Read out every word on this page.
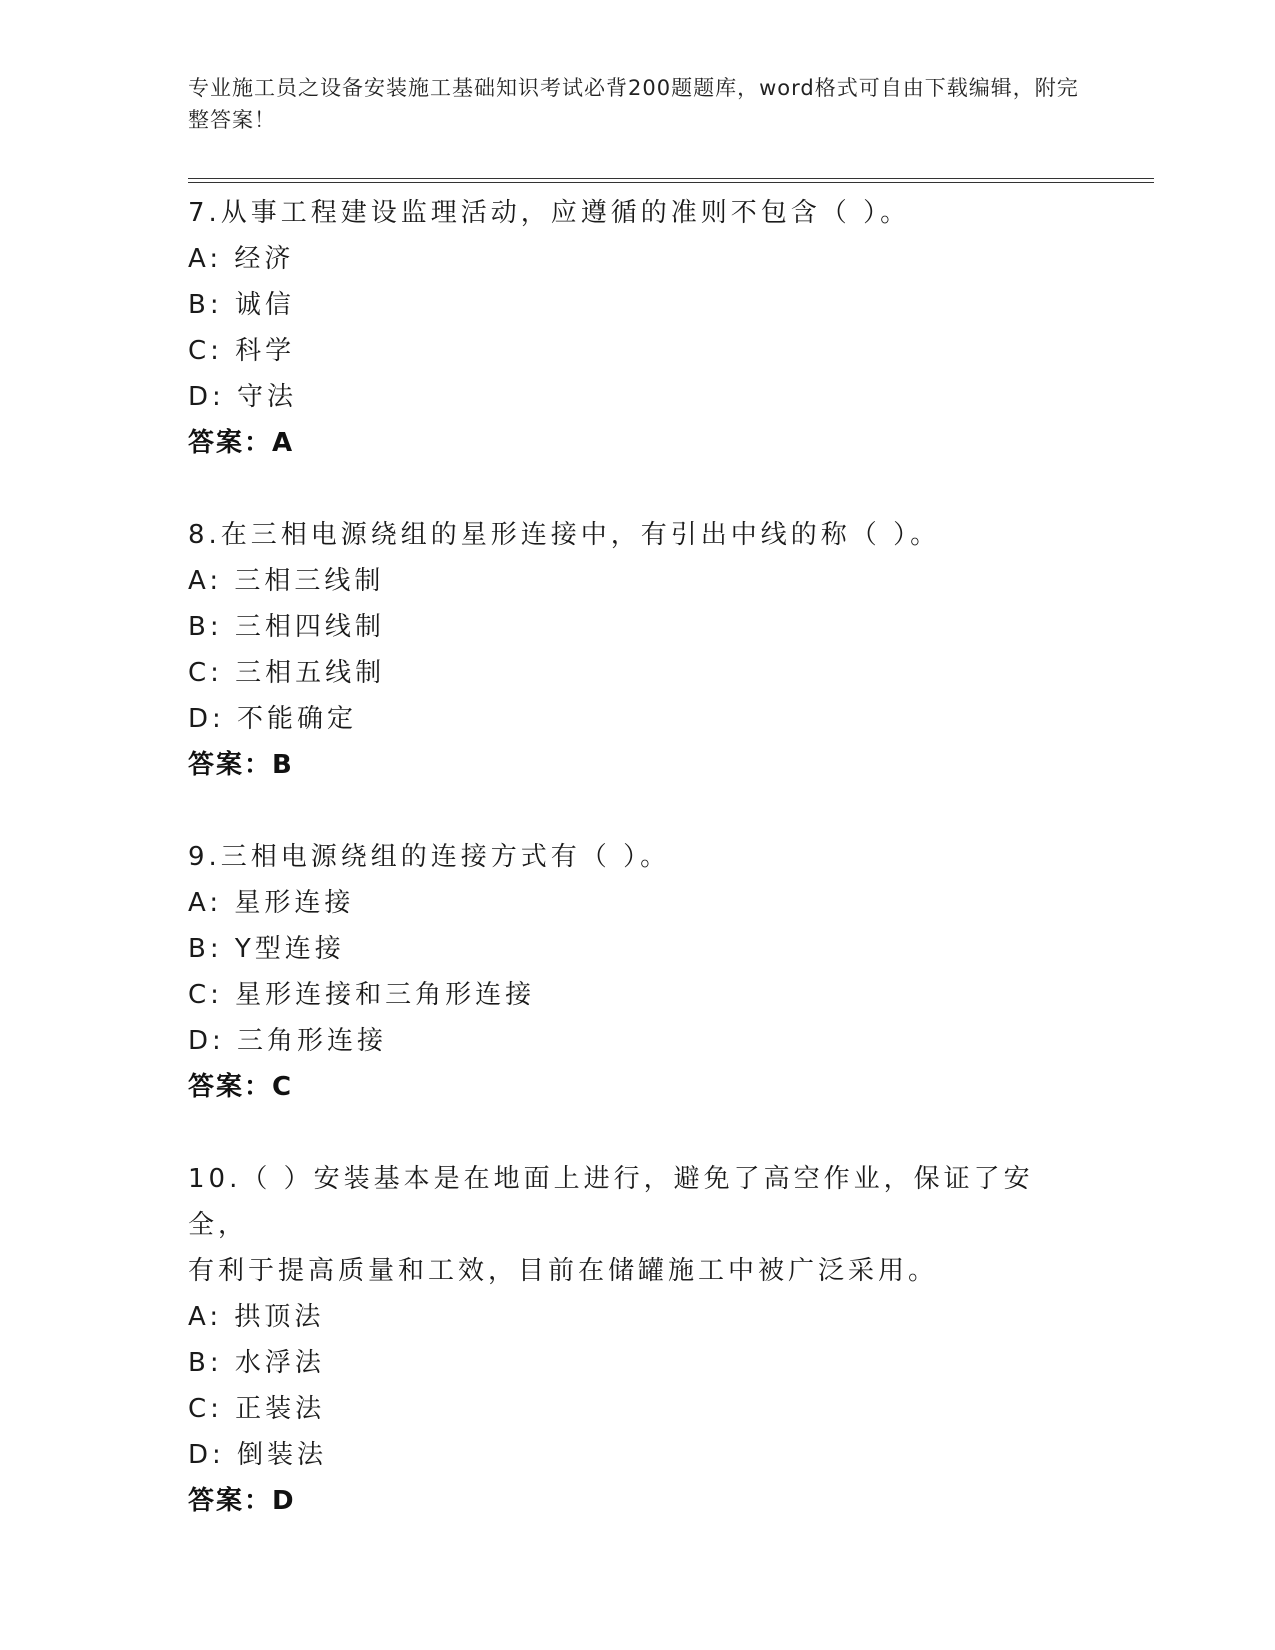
专业施工员之设备安装施工基础知识考试必背200题题库，word格式可自由下载编辑，附完整答案！
7.从事工程建设监理活动，应遵循的准则不包含（ ）。
A: 经济
B: 诚信
C: 科学
D: 守法
答案：A
8.在三相电源绕组的星形连接中，有引出中线的称（ ）。
A: 三相三线制
B: 三相四线制
C: 三相五线制
D: 不能确定
答案：B
9.三相电源绕组的连接方式有（ ）。
A: 星形连接
B: Y型连接
C: 星形连接和三角形连接
D: 三角形连接
答案：C
10.（ ）安装基本是在地面上进行，避免了高空作业，保证了安全，
有利于提高质量和工效，目前在储罐施工中被广泛采用。
A: 拱顶法
B: 水浮法
C: 正装法
D: 倒装法
答案：D
